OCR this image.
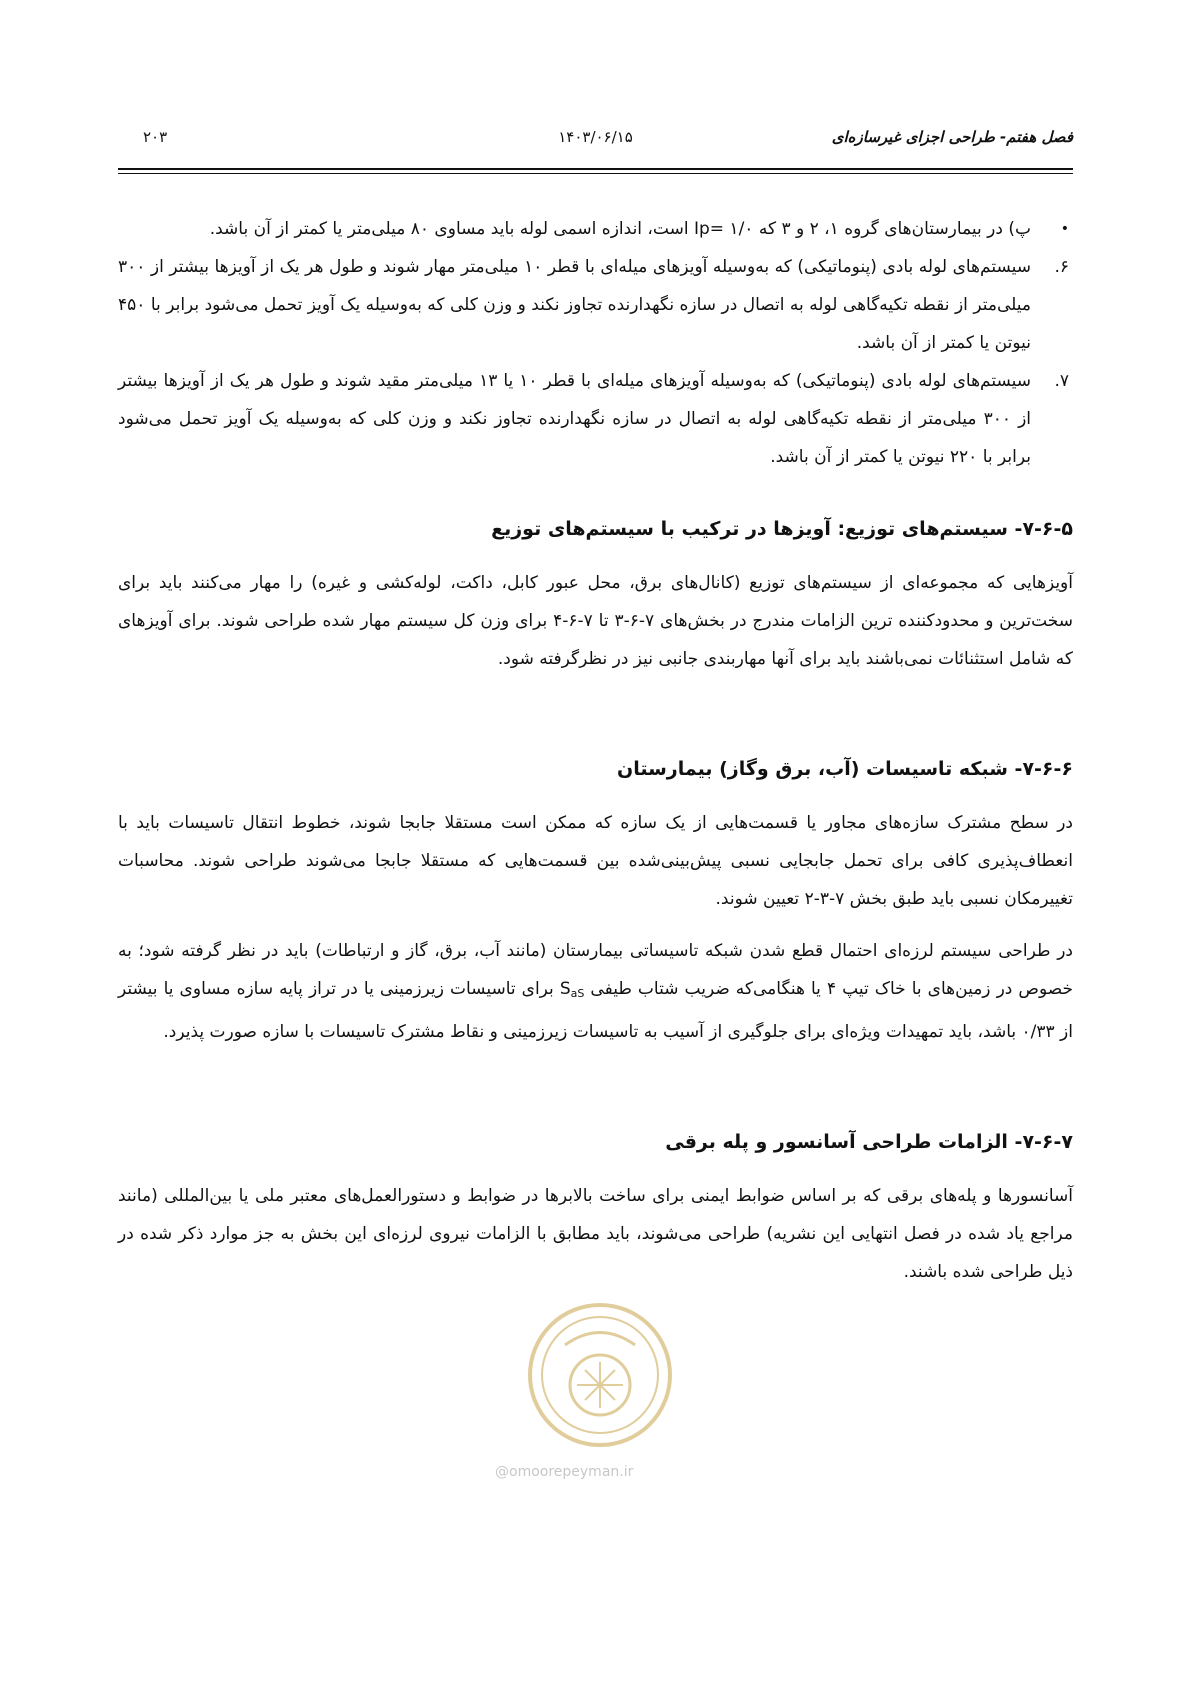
فصل هفتم- طراحی اجزای غیرسازه‌ای
۱۴۰۳/۰۶/۱۵
۲۰۳
•
پ) در بیمارستان‌های گروه ۱، ۲ و ۳ که Ip= ۱/۰ است، اندازه اسمی لوله باید مساوی ۸۰ میلی‌متر یا کمتر از آن باشد.
۶.
سیستم‌های لوله بادی (پنوماتیکی) که به‌وسیله آویزهای میله‌ای با قطر ۱۰ میلی‌متر مهار شوند و طول هر یک از آویزها بیشتر از ۳۰۰ میلی‌متر از نقطه تکیه‌گاهی لوله به اتصال در سازه نگهدارنده تجاوز نکند و وزن کلی که به‌وسیله یک آویز تحمل می‌شود برابر با ۴۵۰ نیوتن یا کمتر از آن باشد.
۷.
سیستم‌های لوله بادی (پنوماتیکی) که به‌وسیله آویزهای میله‌ای با قطر ۱۰ یا ۱۳ میلی‌متر مقید شوند و طول هر یک از آویزها بیشتر از ۳۰۰ میلی‌متر از نقطه تکیه‌گاهی لوله به اتصال در سازه نگهدارنده تجاوز نکند و وزن کلی که به‌وسیله یک آویز تحمل می‌شود برابر با ۲۲۰ نیوتن یا کمتر از آن باشد.
۷-۶-۵- سیستم‌های توزیع: آویزها در ترکیب با سیستم‌های توزیع

آویزهایی که مجموعه‌ای از سیستم‌های توزیع (کانال‌های برق، محل عبور کابل، داکت، لوله‌کشی و غیره) را مهار می‌کنند باید برای سخت‌ترین و محدودکننده ترین الزامات مندرج در بخش‌های ۷-۶-۳ تا ۷-۶-۴ برای وزن کل سیستم مهار شده طراحی شوند. برای آویزهای که شامل استثنائات نمی‌باشند باید برای آنها مهاربندی جانبی نیز در نظرگرفته شود.

۷-۶-۶- شبکه تاسیسات (آب، برق وگاز) بیمارستان

در سطح مشترک سازه‌های مجاور یا قسمت‌هایی از یک سازه که ممکن است مستقلا جابجا شوند، خطوط انتقال تاسیسات باید با انعطاف‌پذیری کافی برای تحمل جابجایی نسبی پیش‌بینی‌شده بین قسمت‌هایی که مستقلا جابجا می‌شوند طراحی شوند. محاسبات تغییرمکان نسبی باید طبق بخش ۷-۳-۲ تعیین شوند.

در طراحی سیستم لرزه‌ای احتمال قطع شدن شبکه تاسیساتی بیمارستان (مانند آب، برق، گاز و ارتباطات) باید در نظر گرفته شود؛ به خصوص در زمین‌های با خاک تیپ ۴ یا هنگامی‌که ضریب شتاب طیفی $S_{aS}$ برای تاسیسات زیرزمینی یا در تراز پایه سازه مساوی یا بیشتر از ۰/۳۳ باشد، باید تمهیدات ویژه‌ای برای جلوگیری از آسیب به تاسیسات زیرزمینی و نقاط مشترک تاسیسات با سازه صورت پذیرد.

۷-۶-۷- الزامات طراحی آسانسور و پله برقی

آسانسورها و پله‌های برقی که بر اساس ضوابط ایمنی برای ساخت بالابرها در ضوابط و دستورالعمل‌های معتبر ملی یا بین‌المللی (مانند مراجع یاد شده در فصل انتهایی این نشریه) طراحی می‌شوند، باید مطابق با الزامات نیروی لرزه‌ای این بخش به جز موارد ذکر شده در ذیل طراحی شده باشند.

@omoorepeyman.ir
